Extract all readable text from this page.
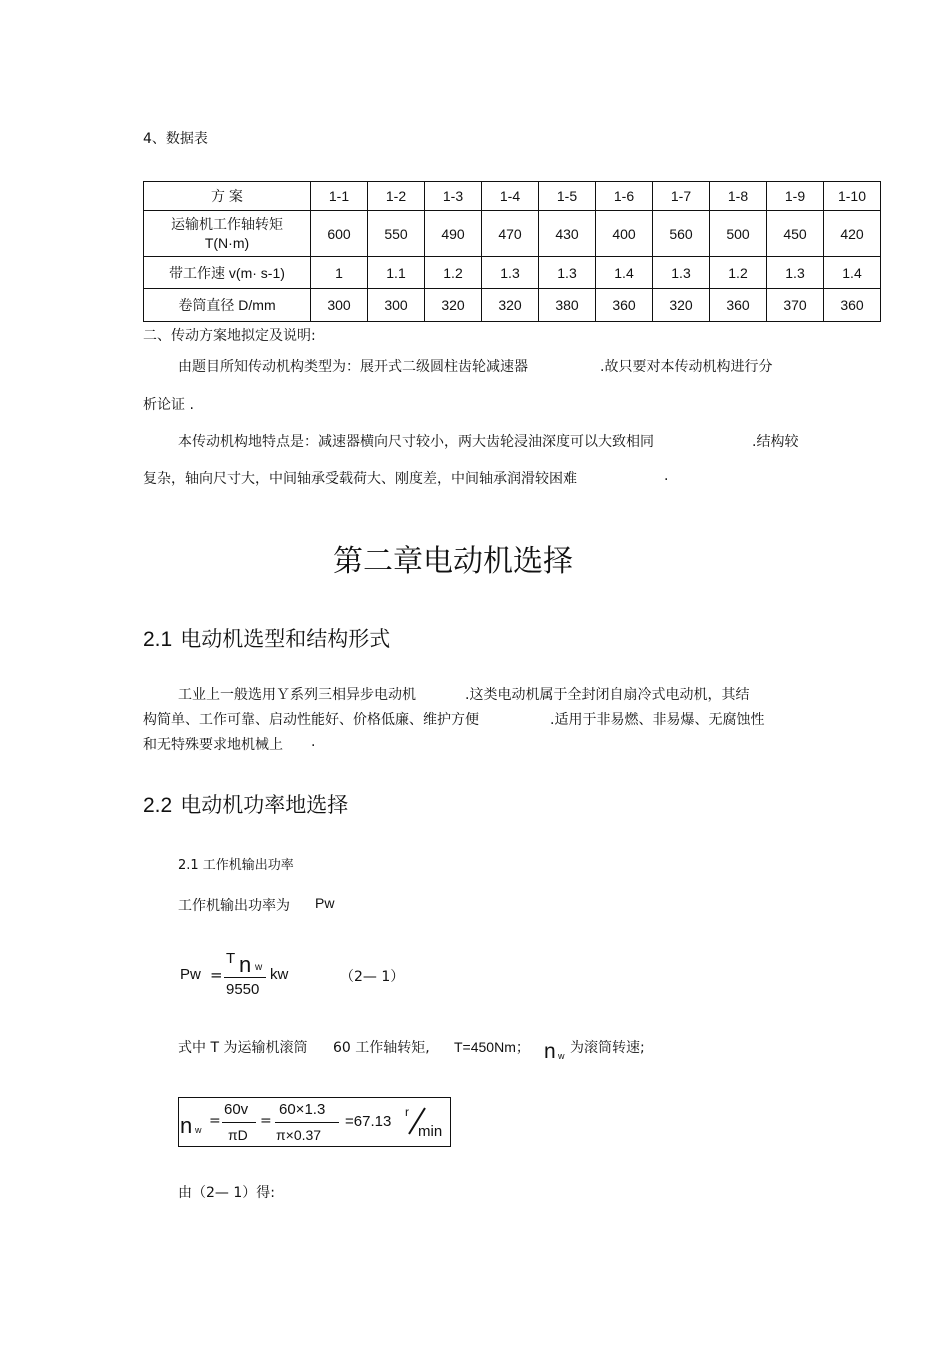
4、数据表
方 案	1-1	1-2	1-3	1-4	1-5	1-6	1-7	1-8	1-9	1-10

运输机工作轴转矩
T(N·m)	600	550	490	470	430	400	560	500	450	420
带工作速 v(m· s-1)	1	1.1	1.2	1.3	1.3	1.4	1.3	1.2	1.3	1.4
卷筒直径 D/mm	300	300	320	320	380	360	320	360	370	360
二、传动方案地拟定及说明:
由题目所知传动机构类型为：展开式二级圆柱齿轮减速器	.故只要对本传动机构进行分
析论证 .
本传动机构地特点是：减速器横向尺寸较小，两大齿轮浸油深度可以大致相同	.结构较
复杂，轴向尺寸大，中间轴承受载荷大、刚度差，中间轴承润滑较困难	.
第二章电动机选择
2.1 电动机选型和结构形式
工业上一般选用Ｙ系列三相异步电动机	.这类电动机属于全封闭自扇冷式电动机，其结
构简单、工作可靠、启动性能好、价格低廉、维护方便	.适用于非易燃、非易爆、无腐蚀性
和无特殊要求地机械上 .
2.2 电动机功率地选择
2.1 工作机输出功率
工作机输出功率为 Pw
Pw =
T n w
9550
kw	（2— 1）
式中 T 为运输机滚筒 60 工作轴转矩, T=450Nm； n w 为滚筒转速;
n w
=
60v
πD
=
60×1.3
π×0.37
=67.13
r
min
由（2— 1）得:
